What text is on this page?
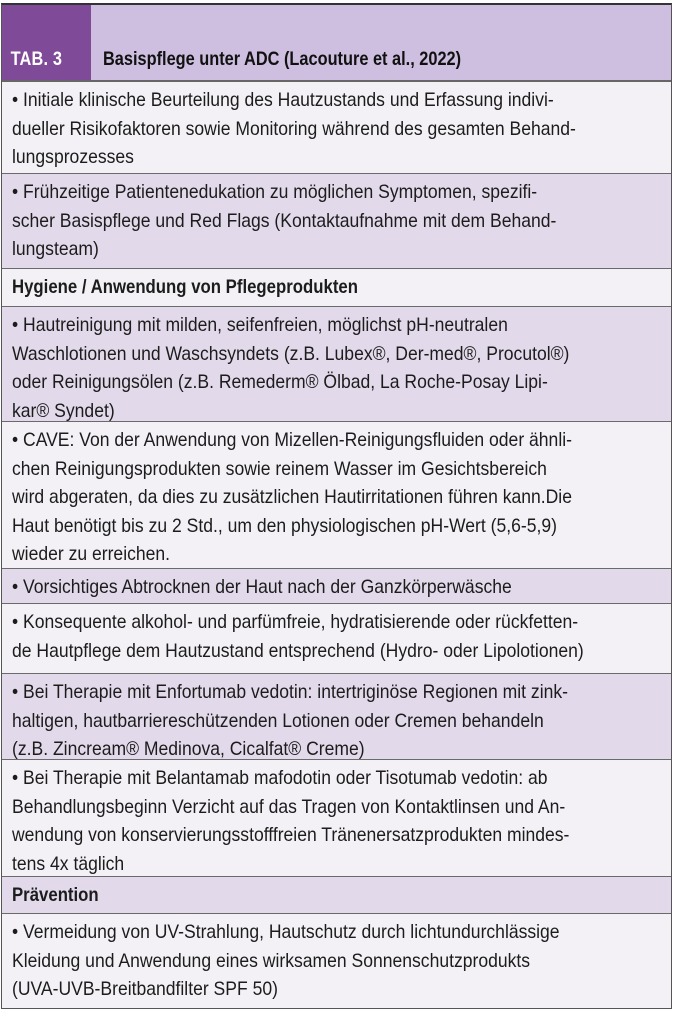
TAB. 3	Basispflege unter ADC (Lacouture et al., 2022)
• Initiale klinische Beurteilung des Hautzustands und Erfassung indivi-
dueller Risikofaktoren sowie Monitoring während des gesamten Behand-
lungsprozesses
• Frühzeitige Patientenedukation zu möglichen Symptomen, spezifi-
scher Basispflege und Red Flags (Kontaktaufnahme mit dem Behand-
lungsteam)
Hygiene / Anwendung von Pflegeprodukten
• Hautreinigung mit milden, seifenfreien, möglichst pH-neutralen
Waschlotionen und Waschsyndets (z.B. Lubex®, Der-med®, Procutol®)
oder Reinigungsölen (z.B. Remederm® Ölbad, La Roche-Posay Lipi-
kar® Syndet)
• CAVE: Von der Anwendung von Mizellen-Reinigungsfluiden oder ähnli-
chen Reinigungsprodukten sowie reinem Wasser im Gesichtsbereich
wird abgeraten, da dies zu zusätzlichen Hautirritationen führen kann.Die
Haut benötigt bis zu 2 Std., um den physiologischen pH-Wert (5,6-5,9)
wieder zu erreichen.
• Vorsichtiges Abtrocknen der Haut nach der Ganzkörperwäsche
• Konsequente alkohol- und parfümfreie, hydratisierende oder rückfetten-
de Hautpflege dem Hautzustand entsprechend (Hydro- oder Lipolotionen)
• Bei Therapie mit Enfortumab vedotin: intertriginöse Regionen mit zink-
haltigen, hautbarriereschützenden Lotionen oder Cremen behandeln
(z.B. Zincream® Medinova, Cicalfat® Creme)
• Bei Therapie mit Belantamab mafodotin oder Tisotumab vedotin: ab
Behandlungsbeginn Verzicht auf das Tragen von Kontaktlinsen und An-
wendung von konservierungsstofffreien Tränenersatzprodukten mindes-
tens 4x täglich
Prävention
• Vermeidung von UV-Strahlung, Hautschutz durch lichtundurchlässige
Kleidung und Anwendung eines wirksamen Sonnenschutzprodukts
(UVA-UVB-Breitbandfilter SPF 50)
